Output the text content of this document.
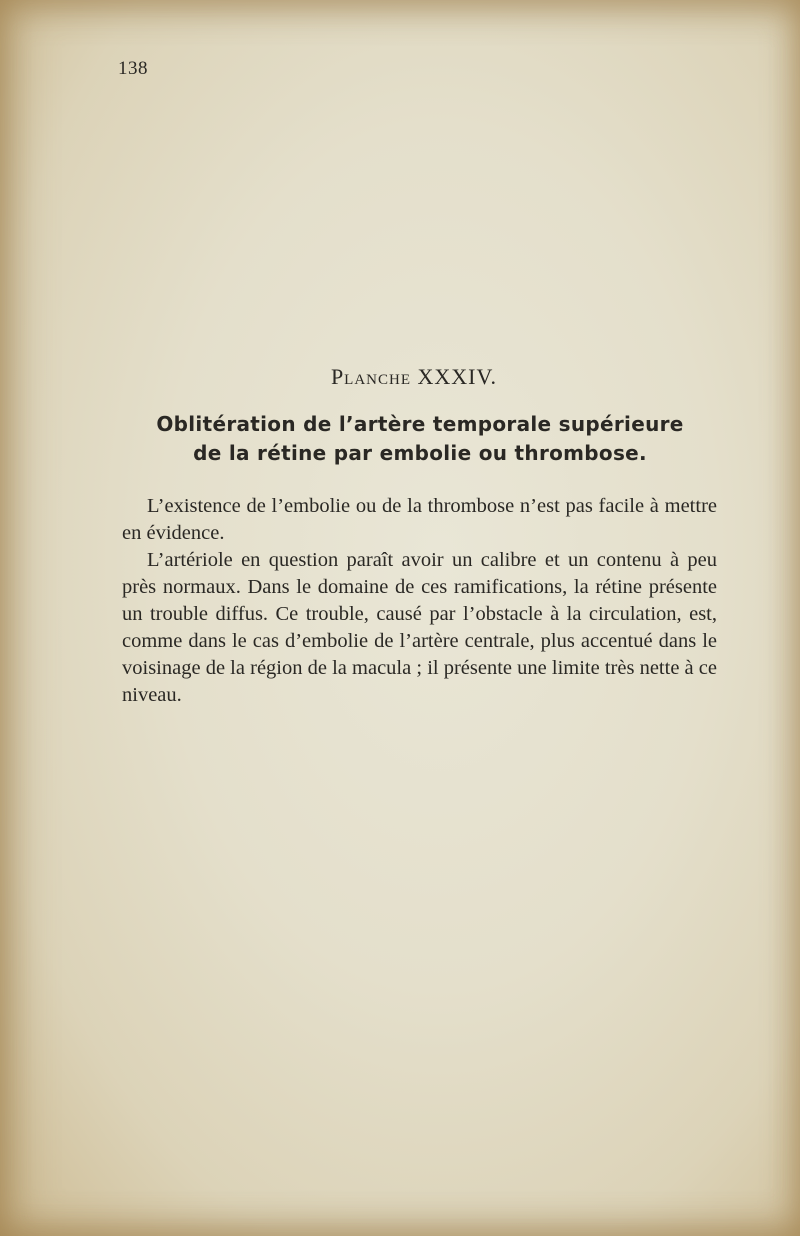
138
Planche XXXIV.
Oblitération de l’artère temporale supérieure
de la rétine par embolie ou thrombose.

L’existence de l’embolie ou de la thrombose n’est pas facile à mettre en évidence.

L’artériole en question paraît avoir un calibre et un contenu à peu près normaux. Dans le domaine de ces ramifications, la rétine présente un trouble diffus. Ce trouble, causé par l’obstacle à la circulation, est, comme dans le cas d’embolie de l’artère centrale, plus accentué dans le voisinage de la région de la macula ; il présente une limite très nette à ce niveau.
